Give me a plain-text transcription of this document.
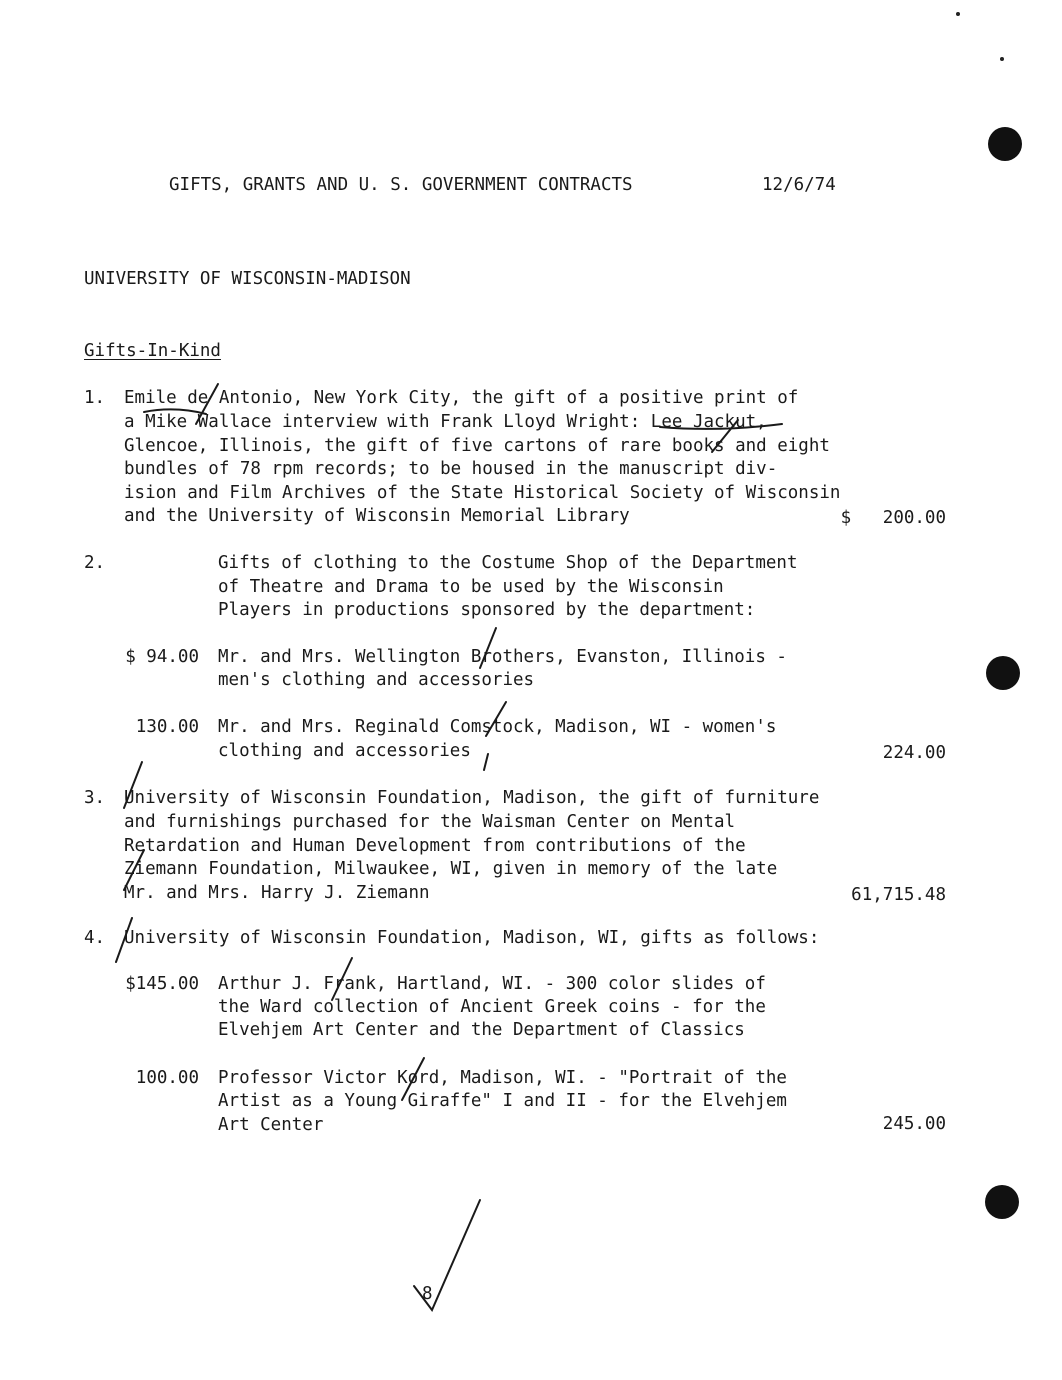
GIFTS, GRANTS AND U. S. GOVERNMENT CONTRACTS	12/6/74
UNIVERSITY OF WISCONSIN-MADISON
Gifts-In-Kind
1. Emile de Antonio, New York City, the gift of a positive print of
a Mike Wallace interview with Frank Lloyd Wright: Lee Jackut,
Glencoe, Illinois, the gift of five cartons of rare books and eight
bundles of 78 rpm records; to be housed in the manuscript div-
ision and Film Archives of the State Historical Society of Wisconsin
and the University of Wisconsin Memorial Library	$   200.00
2.	Gifts of clothing to the Costume Shop of the Department
of Theatre and Drama to be used by the Wisconsin
Players in productions sponsored by the department:
$ 94.00 Mr. and Mrs. Wellington Brothers, Evanston, Illinois -
men's clothing and accessories
130.00 Mr. and Mrs. Reginald Comstock, Madison, WI - women's
clothing and accessories	224.00
3. University of Wisconsin Foundation, Madison, the gift of furniture
and furnishings purchased for the Waisman Center on Mental
Retardation and Human Development from contributions of the
Ziemann Foundation, Milwaukee, WI, given in memory of the late
Mr. and Mrs. Harry J. Ziemann	61,715.48
4. University of Wisconsin Foundation, Madison, WI, gifts as follows:
$145.00 Arthur J. Frank, Hartland, WI. - 300 color slides of
the Ward collection of Ancient Greek coins - for the
Elvehjem Art Center and the Department of Classics
100.00 Professor Victor Kord, Madison, WI. - "Portrait of the
Artist as a Young Giraffe" I and II - for the Elvehjem
Art Center	245.00
8
